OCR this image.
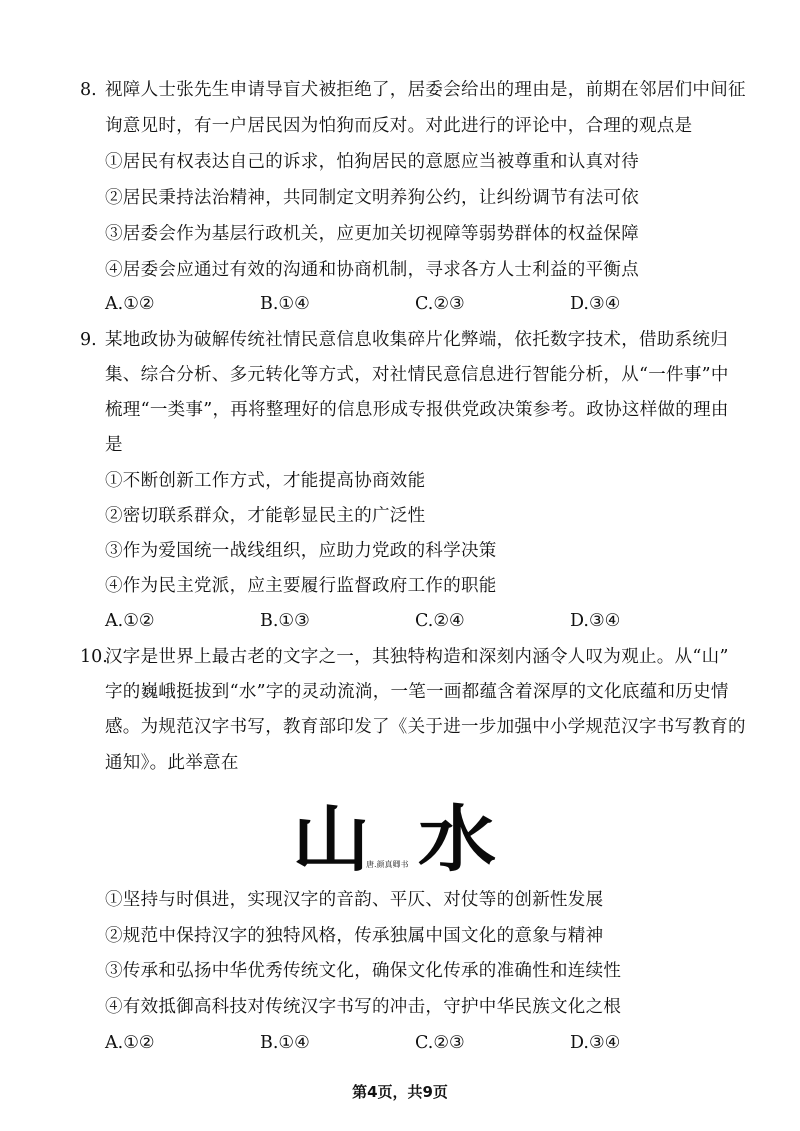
8. 视障人士张先生申请导盲犬被拒绝了，居委会给出的理由是，前期在邻居们中间征
询意见时，有一户居民因为怕狗而反对。对此进行的评论中，合理的观点是
①居民有权表达自己的诉求，怕狗居民的意愿应当被尊重和认真对待
②居民秉持法治精神，共同制定文明养狗公约，让纠纷调节有法可依
③居委会作为基层行政机关，应更加关切视障等弱势群体的权益保障
④居委会应通过有效的沟通和协商机制，寻求各方人士利益的平衡点
A.①②	B.①④	C.②③	D.③④
9. 某地政协为破解传统社情民意信息收集碎片化弊端，依托数字技术，借助系统归
集、综合分析、多元转化等方式，对社情民意信息进行智能分析，从“一件事”中
梳理“一类事”，再将整理好的信息形成专报供党政决策参考。政协这样做的理由
是
①不断创新工作方式，才能提高协商效能
②密切联系群众，才能彰显民主的广泛性
③作为爱国统一战线组织，应助力党政的科学决策
④作为民主党派，应主要履行监督政府工作的职能
A.①②	B.①③	C.②④	D.③④
10.
汉字是世界上最古老的文字之一，其独特构造和深刻内涵令人叹为观止。从“山”
字的巍峨挺拔到“水”字的灵动流淌，一笔一画都蕴含着深厚的文化底蕴和历史情
感。为规范汉字书写，教育部印发了《关于进一步加强中小学规范汉字书写教育的
通知》。此举意在
山 水
唐.颜真卿书
①坚持与时俱进，实现汉字的音韵、平仄、对仗等的创新性发展
②规范中保持汉字的独特风格，传承独属中国文化的意象与精神
③传承和弘扬中华优秀传统文化，确保文化传承的准确性和连续性
④有效抵御高科技对传统汉字书写的冲击，守护中华民族文化之根
A.①②	B.①④	C.②③	D.③④
第4页，共9页
